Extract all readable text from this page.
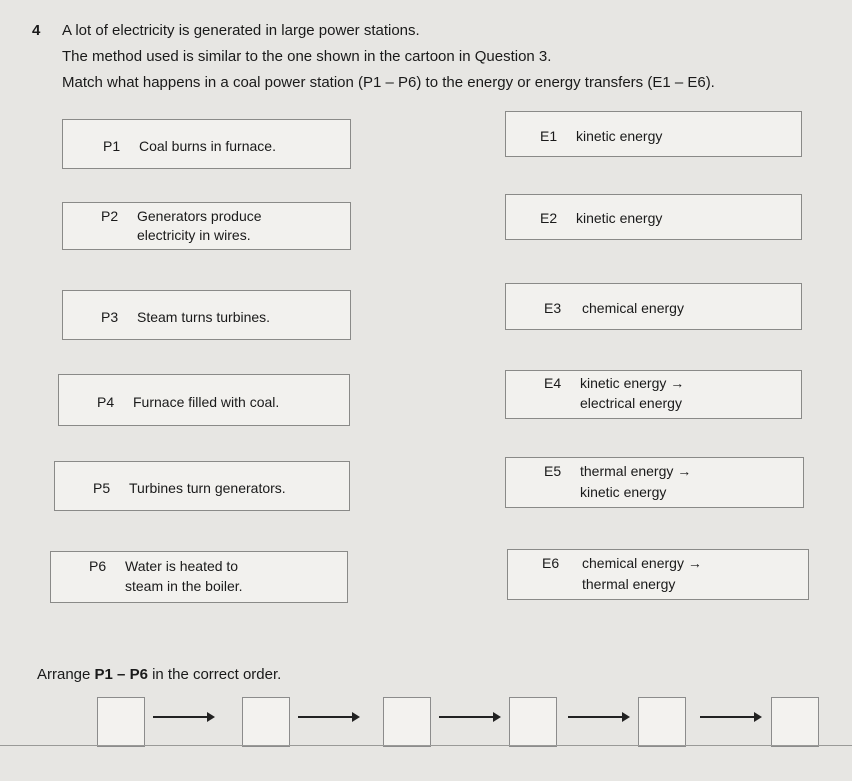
4 A lot of electricity is generated in large power stations.
The method used is similar to the one shown in the cartoon in Question 3.
Match what happens in a coal power station (P1 – P6) to the energy or energy transfers (E1 – E6).
P1 Coal burns in furnace.
P2 Generators produce
electricity in wires.
P3 Steam turns turbines.
P4 Furnace filled with coal.
P5 Turbines turn generators.
P6 Water is heated to
steam in the boiler.
E1 kinetic energy
E2 kinetic energy
E3 chemical energy
E4 kinetic energy →
electrical energy
E5 thermal energy →
kinetic energy
E6 chemical energy →
thermal energy
Arrange P1 – P6 in the correct order.
